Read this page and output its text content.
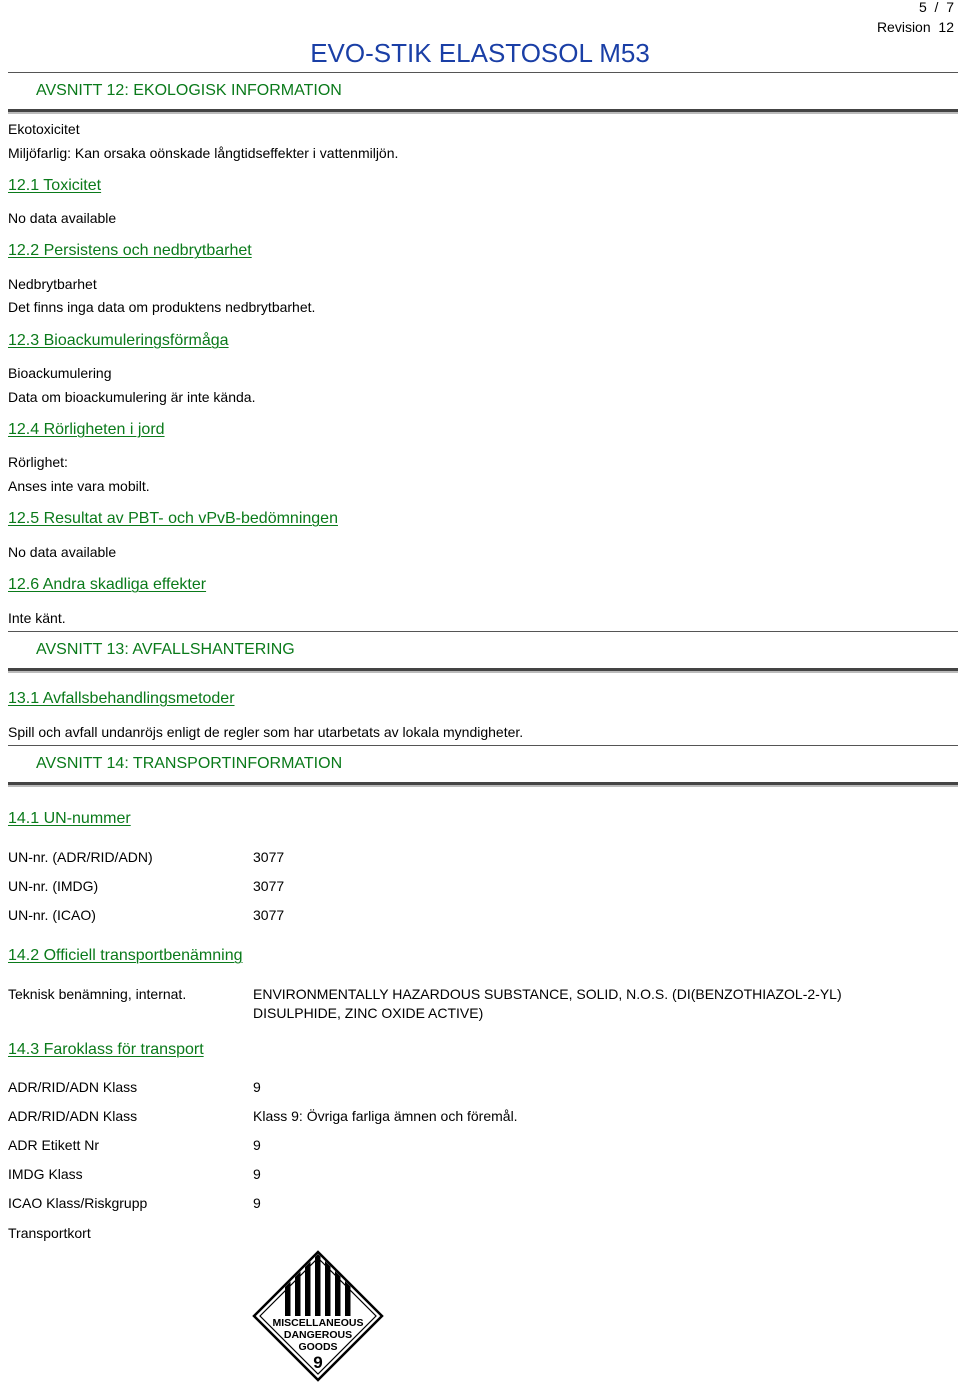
5 / 7
Revision 12
EVO-STIK ELASTOSOL M53
AVSNITT 12: EKOLOGISK INFORMATION
Ekotoxicitet
Miljöfarlig: Kan orsaka oönskade långtidseffekter i vattenmiljön.
12.1 Toxicitet
No data available
12.2 Persistens och nedbrytbarhet
Nedbrytbarhet
Det finns inga data om produktens nedbrytbarhet.
12.3 Bioackumuleringsförmåga
Bioackumulering
Data om bioackumulering är inte kända.
12.4 Rörligheten i jord
Rörlighet:
Anses inte vara mobilt.
12.5 Resultat av PBT- och vPvB-bedömningen
No data available
12.6 Andra skadliga effekter
Inte känt.
AVSNITT 13: AVFALLSHANTERING
13.1 Avfallsbehandlingsmetoder
Spill och avfall undanröjs enligt de regler som har utarbetats av lokala myndigheter.
AVSNITT 14: TRANSPORTINFORMATION
14.1 UN-nummer
UN-nr. (ADR/RID/ADN)	3077
UN-nr. (IMDG)	3077
UN-nr. (ICAO)	3077
14.2 Officiell transportbenämning
Teknisk benämning, internat.	ENVIRONMENTALLY HAZARDOUS SUBSTANCE, SOLID, N.O.S. (DI(BENZOTHIAZOL-2-YL)
DISULPHIDE, ZINC OXIDE ACTIVE)
14.3 Faroklass för transport
ADR/RID/ADN Klass	9
ADR/RID/ADN Klass	Klass 9: Övriga farliga ämnen och föremål.
ADR Etikett Nr	9
IMDG Klass	9
ICAO Klass/Riskgrupp	9
Transportkort
MISCELLANEOUS
DANGEROUS
GOODS
9
